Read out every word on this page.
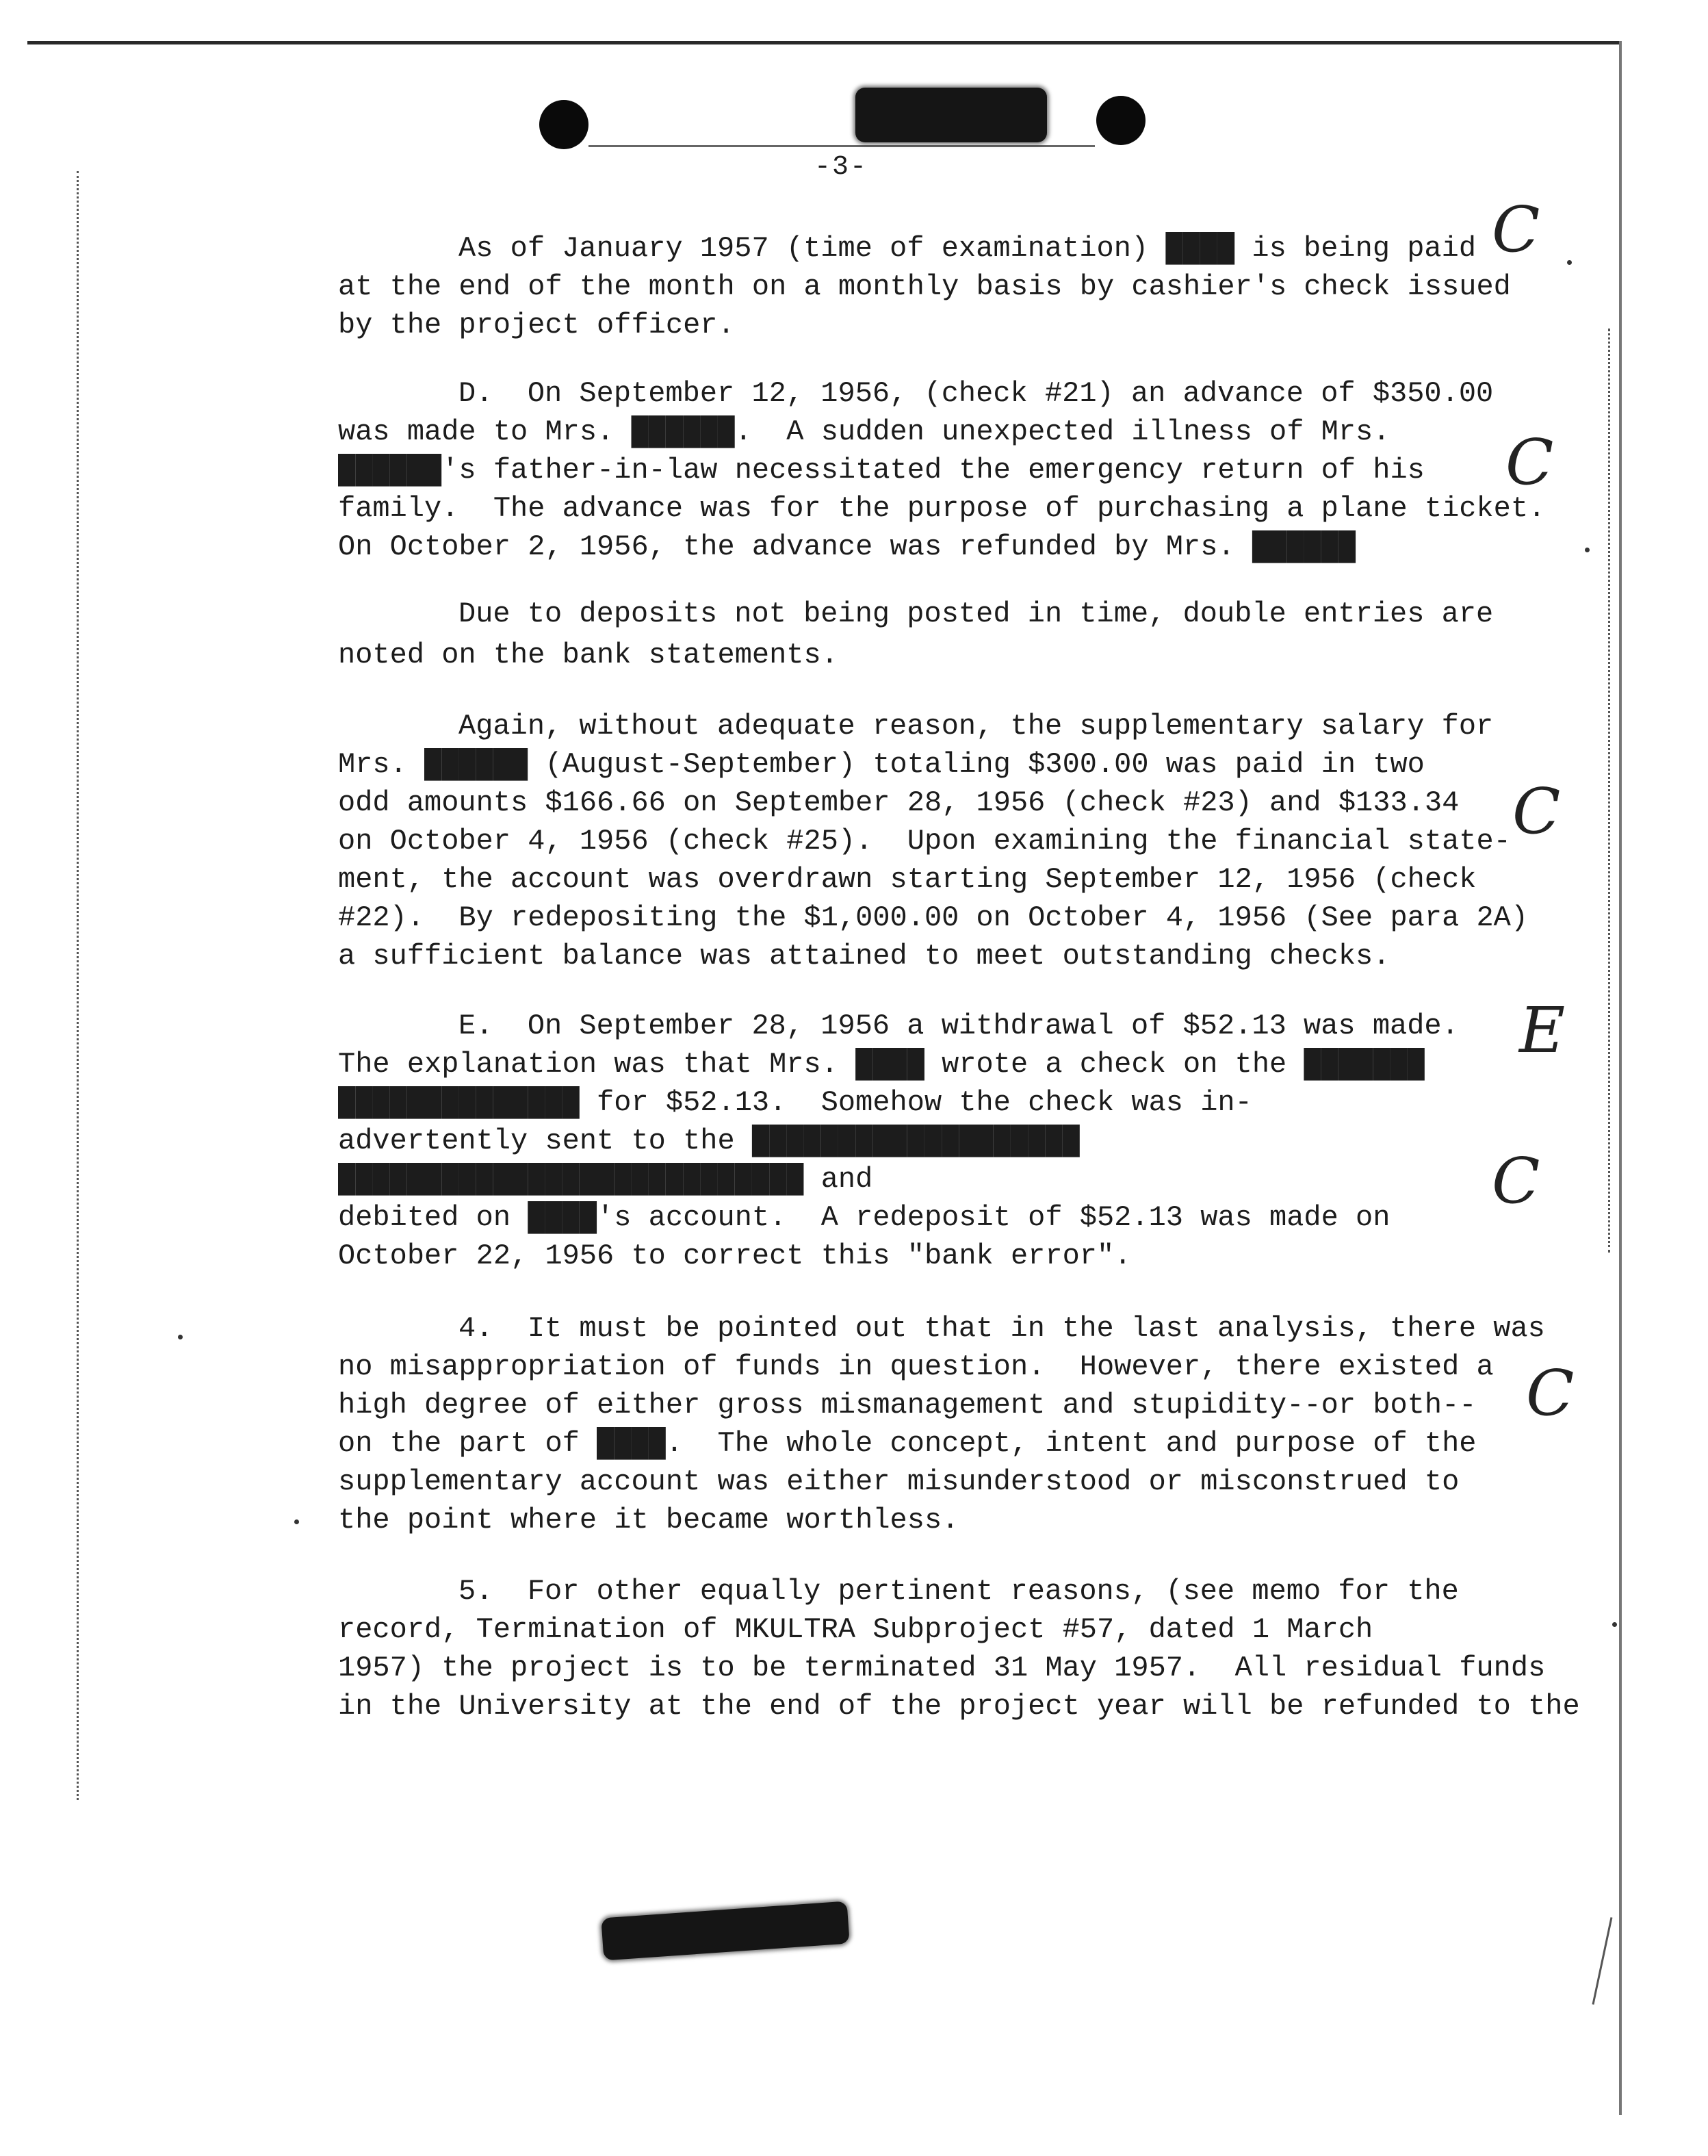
-3-
As of January 1957 (time of examination) ████ is being paid
at the end of the month on a monthly basis by cashier's check issued
by the project officer.
D.  On September 12, 1956, (check #21) an advance of $350.00
was made to Mrs. ██████.  A sudden unexpected illness of Mrs.
██████'s father-in-law necessitated the emergency return of his
family.  The advance was for the purpose of purchasing a plane ticket.
On October 2, 1956, the advance was refunded by Mrs. ██████
Due to deposits not being posted in time, double entries are
noted on the bank statements.
Again, without adequate reason, the supplementary salary for
Mrs. ██████ (August-September) totaling $300.00 was paid in two
odd amounts $166.66 on September 28, 1956 (check #23) and $133.34
on October 4, 1956 (check #25).  Upon examining the financial state-
ment, the account was overdrawn starting September 12, 1956 (check
#22).  By redepositing the $1,000.00 on October 4, 1956 (See para 2A)
a sufficient balance was attained to meet outstanding checks.
E.  On September 28, 1956 a withdrawal of $52.13 was made.
The explanation was that Mrs. ████ wrote a check on the ███████
██████████████ for $52.13.  Somehow the check was in-
advertently sent to the ███████████████████
███████████████████████████ and
debited on ████'s account.  A redeposit of $52.13 was made on
October 22, 1956 to correct this "bank error".
4.  It must be pointed out that in the last analysis, there was
no misappropriation of funds in question.  However, there existed a
high degree of either gross mismanagement and stupidity--or both--
on the part of ████.  The whole concept, intent and purpose of the
supplementary account was either misunderstood or misconstrued to
the point where it became worthless.
5.  For other equally pertinent reasons, (see memo for the
record, Termination of MKULTRA Subproject #57, dated 1 March
1957) the project is to be terminated 31 May 1957.  All residual funds
in the University at the end of the project year will be refunded to the
C
C
C
E
C
C
